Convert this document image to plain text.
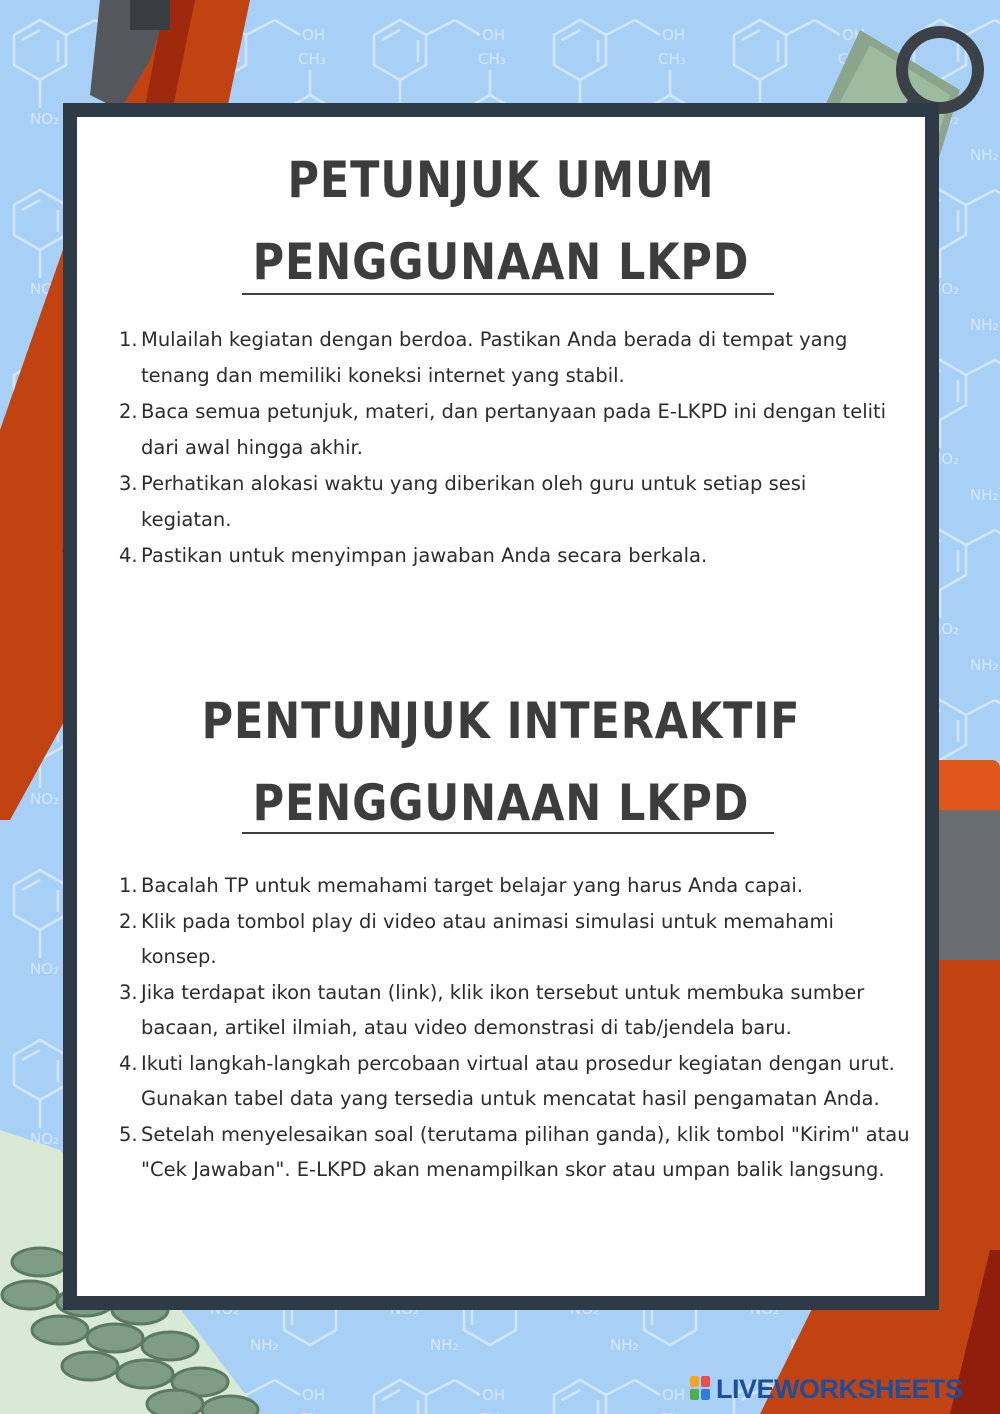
PETUNJUK UMUM
PENGGUNAAN LKPD
1. Mulailah kegiatan dengan berdoa. Pastikan Anda berada di tempat yang tenang dan memiliki koneksi internet yang stabil.
2. Baca semua petunjuk, materi, dan pertanyaan pada E-LKPD ini dengan teliti dari awal hingga akhir.
3. Perhatikan alokasi waktu yang diberikan oleh guru untuk setiap sesi kegiatan.
4. Pastikan untuk menyimpan jawaban Anda secara berkala.
PENTUNJUK INTERAKTIF
PENGGUNAAN LKPD
1. Bacalah TP untuk memahami target belajar yang harus Anda capai.
2. Klik pada tombol play di video atau animasi simulasi untuk memahami konsep.
3. Jika terdapat ikon tautan (link), klik ikon tersebut untuk membuka sumber bacaan, artikel ilmiah, atau video demonstrasi di tab/jendela baru.
4. Ikuti langkah-langkah percobaan virtual atau prosedur kegiatan dengan urut. Gunakan tabel data yang tersedia untuk mencatat hasil pengamatan Anda.
5. Setelah menyelesaikan soal (terutama pilihan ganda), klik tombol "Kirim" atau "Cek Jawaban". E-LKPD akan menampilkan skor atau umpan balik langsung.
LIVEWORKSHEETS
